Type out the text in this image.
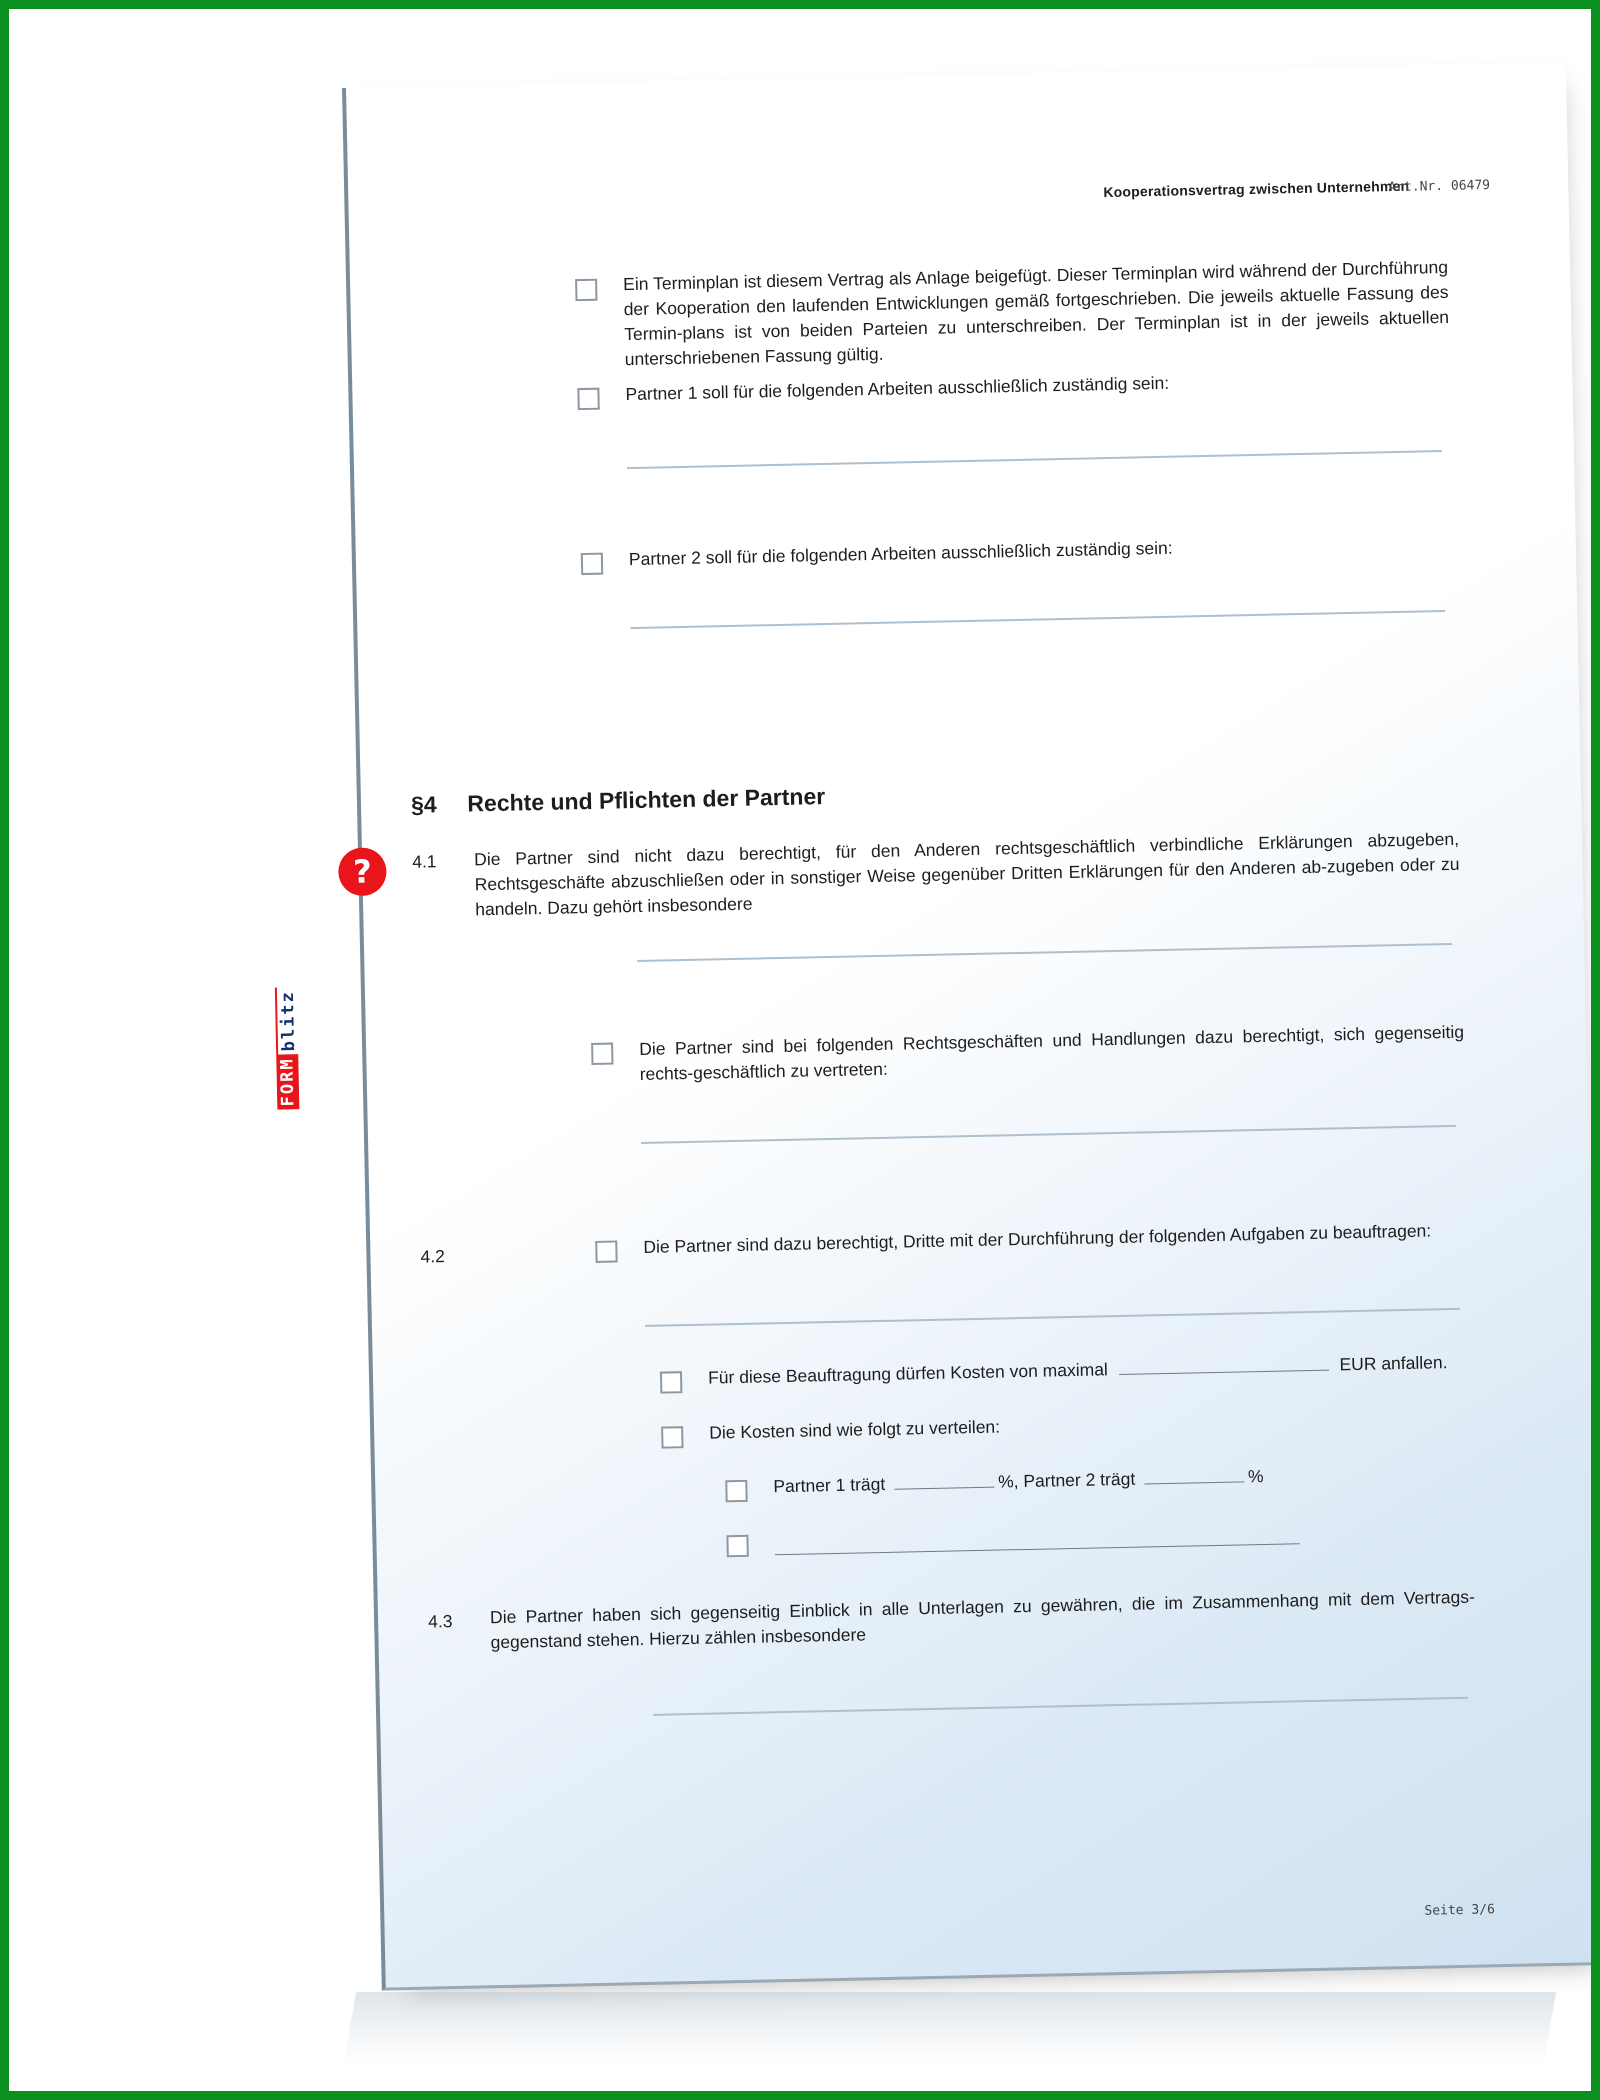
Kooperationsvertrag zwischen Unternehmen
Art.Nr. 06479
Ein Terminplan ist diesem Vertrag als Anlage beigefügt. Dieser Terminplan wird während der Durchführung der Kooperation den laufenden Entwicklungen gemäß fortgeschrieben. Die jeweils aktuelle Fassung des Termin-plans ist von beiden Parteien zu unterschreiben. Der Terminplan ist in der jeweils aktuellen unterschriebenen Fassung gültig.
Partner 1 soll für die folgenden Arbeiten ausschließlich zuständig sein:
Partner 2 soll für die folgenden Arbeiten ausschließlich zuständig sein:
§4 Rechte und Pflichten der Partner
?
FORM
blitz
4.1 Die Partner sind nicht dazu berechtigt, für den Anderen rechtsgeschäftlich verbindliche Erklärungen abzugeben, Rechtsgeschäfte abzuschließen oder in sonstiger Weise gegenüber Dritten Erklärungen für den Anderen ab-zugeben oder zu handeln. Dazu gehört insbesondere
Die Partner sind bei folgenden Rechtsgeschäften und Handlungen dazu berechtigt, sich gegenseitig rechts-geschäftlich zu vertreten:
4.2	Die Partner sind dazu berechtigt, Dritte mit der Durchführung der folgenden Aufgaben zu beauftragen:
Für diese Beauftragung dürfen Kosten von maximal	EUR anfallen.
Die Kosten sind wie folgt zu verteilen:
Partner 1 trägt	%, Partner 2 trägt	%
4.3 Die Partner haben sich gegenseitig Einblick in alle Unterlagen zu gewähren, die im Zusammenhang mit dem Vertrags-gegenstand stehen. Hierzu zählen insbesondere
Seite 3/6
